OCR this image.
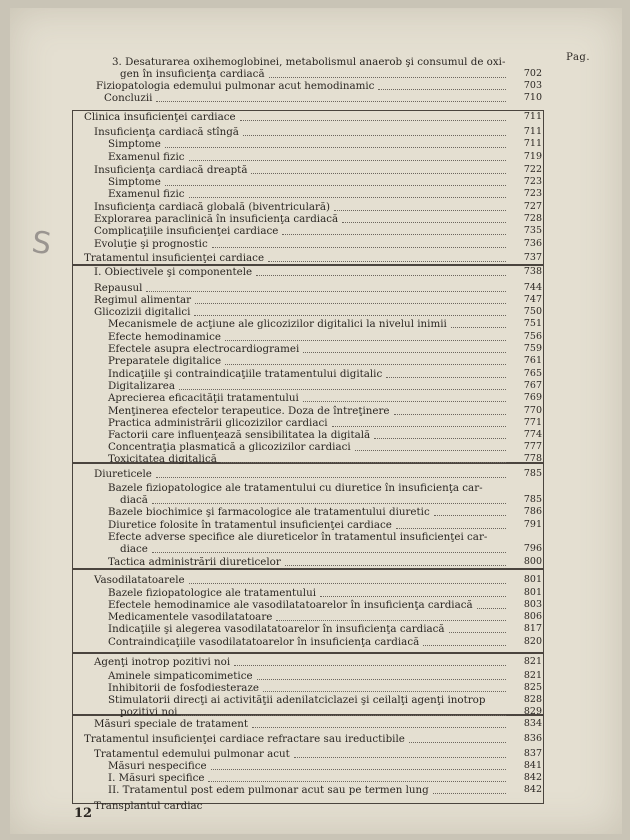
Pag.
S
3. Desaturarea oxihemoglobinei, metabolismul anaerob şi consumul de oxi-
gen în insuficienţa cardiacă	702
Fiziopatologia edemului pulmonar acut hemodinamic	703
Concluzii	710
Clinica insuficienţei cardiace	711
Insuficienţa cardiacă stîngă	711
Simptome	711
Examenul fizic	719
Insuficienţa cardiacă dreaptă	722
Simptome	723
Examenul fizic	723
Insuficienţa cardiacă globală (biventriculară)	727
Explorarea paraclinică în insuficienţa cardiacă	728
Complicaţiile insuficienţei cardiace	735
Evoluţie şi prognostic	736
Tratamentul insuficienţei cardiace	737
I. Obiectivele şi componentele	738
Repausul	744
Regimul alimentar	747
Glicozizii digitalici	750
Mecanismele de acţiune ale glicozizilor digitalici la nivelul inimii	751
Efecte hemodinamice	756
Efectele asupra electrocardiogramei	759
Preparatele digitalice	761
Indicaţiile şi contraindicaţiile tratamentului digitalic	765
Digitalizarea	767
Aprecierea eficacităţii tratamentului	769
Menţinerea efectelor terapeutice. Doza de întreţinere	770
Practica administrării glicozizilor cardiaci	771
Factorii care influenţează sensibilitatea la digitală	774
Concentraţia plasmatică a glicozizilor cardiaci	777
Toxicitatea digitalică	778
Diureticele	785
Bazele fiziopatologice ale tratamentului cu diuretice în insuficienţa car-
diacă	785
Bazele biochimice şi farmacologice ale tratamentului diuretic	786
Diuretice folosite în tratamentul insuficienţei cardiace	791
Efecte adverse specifice ale diureticelor în tratamentul insuficienţei car-
diace	796
Tactica administrării diureticelor	800
Vasodilatatoarele	801
Bazele fiziopatologice ale tratamentului	801
Efectele hemodinamice ale vasodilatatoarelor în insuficienţa cardiacă	803
Medicamentele vasodilatatoare	806
Indicaţiile şi alegerea vasodilatatoarelor în insuficienţa cardiacă	817
Contraindicaţiile vasodilatatoarelor în insuficienţa cardiacă	820
Agenţi inotrop pozitivi noi	821
Aminele simpaticomimetice	821
Inhibitorii de fosfodiesteraze	825
Stimulatorii direcţi ai activităţii adenilatciclazei şi ceilalţi agenţi inotrop	828
pozitivi noi	829
Măsuri speciale de tratament	834
Tratamentul insuficienţei cardiace refractare sau ireductibile	836
Tratamentul edemului pulmonar acut	837
Măsuri nespecifice	841
I. Măsuri specifice	842
II. Tratamentul post edem pulmonar acut sau pe termen lung	842
Transplantul cardiac
12
